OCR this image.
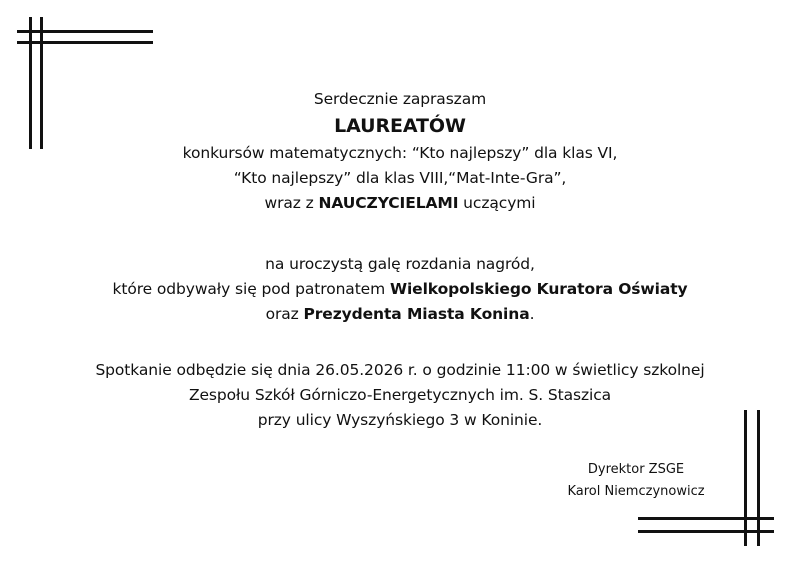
Serdecznie zapraszam
LAUREATÓW
konkursów matematycznych: “Kto najlepszy” dla klas VI,
“Kto najlepszy” dla klas VIII,“Mat-Inte-Gra”,
wraz z NAUCZYCIELAMI uczącymi
na uroczystą galę rozdania nagród,
które odbywały się pod patronatem Wielkopolskiego Kuratora Oświaty
oraz Prezydenta Miasta Konina.
Spotkanie odbędzie się dnia 26.05.2026 r. o godzinie 11:00 w świetlicy szkolnej
Zespołu Szkół Górniczo-Energetycznych im. S. Staszica
przy ulicy Wyszyńskiego 3 w Koninie.
Dyrektor ZSGE
Karol Niemczynowicz
